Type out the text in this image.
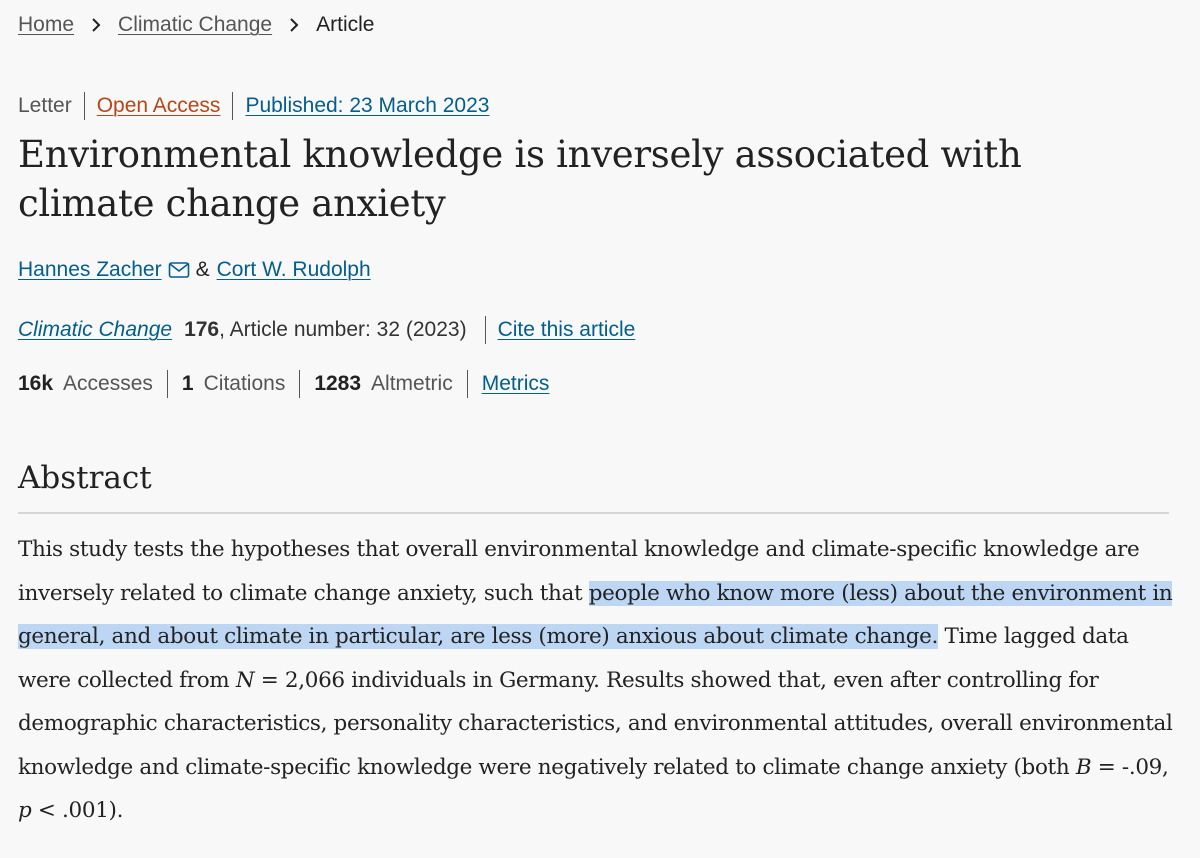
Home Climatic Change Article
Letter Open Access Published: 23 March 2023
Environmental knowledge is inversely associated with climate change anxiety
Hannes Zacher & Cort W. Rudolph
Climatic Change 176 , Article number: 32 (2023) Cite this article
16k Accesses 1 Citations 1283 Altmetric Metrics
Abstract

This study tests the hypotheses that overall environmental knowledge and climate-specific knowledge are inversely related to climate change anxiety, such that people who know more (less) about the environment in general, and about climate in particular, are less (more) anxious about climate change. Time lagged data were collected from N = 2,066 individuals in Germany. Results showed that, even after controlling for demographic characteristics, personality characteristics, and environmental attitudes, overall environmental knowledge and climate-specific knowledge were negatively related to climate change anxiety (both B = -.09, p < .001).
